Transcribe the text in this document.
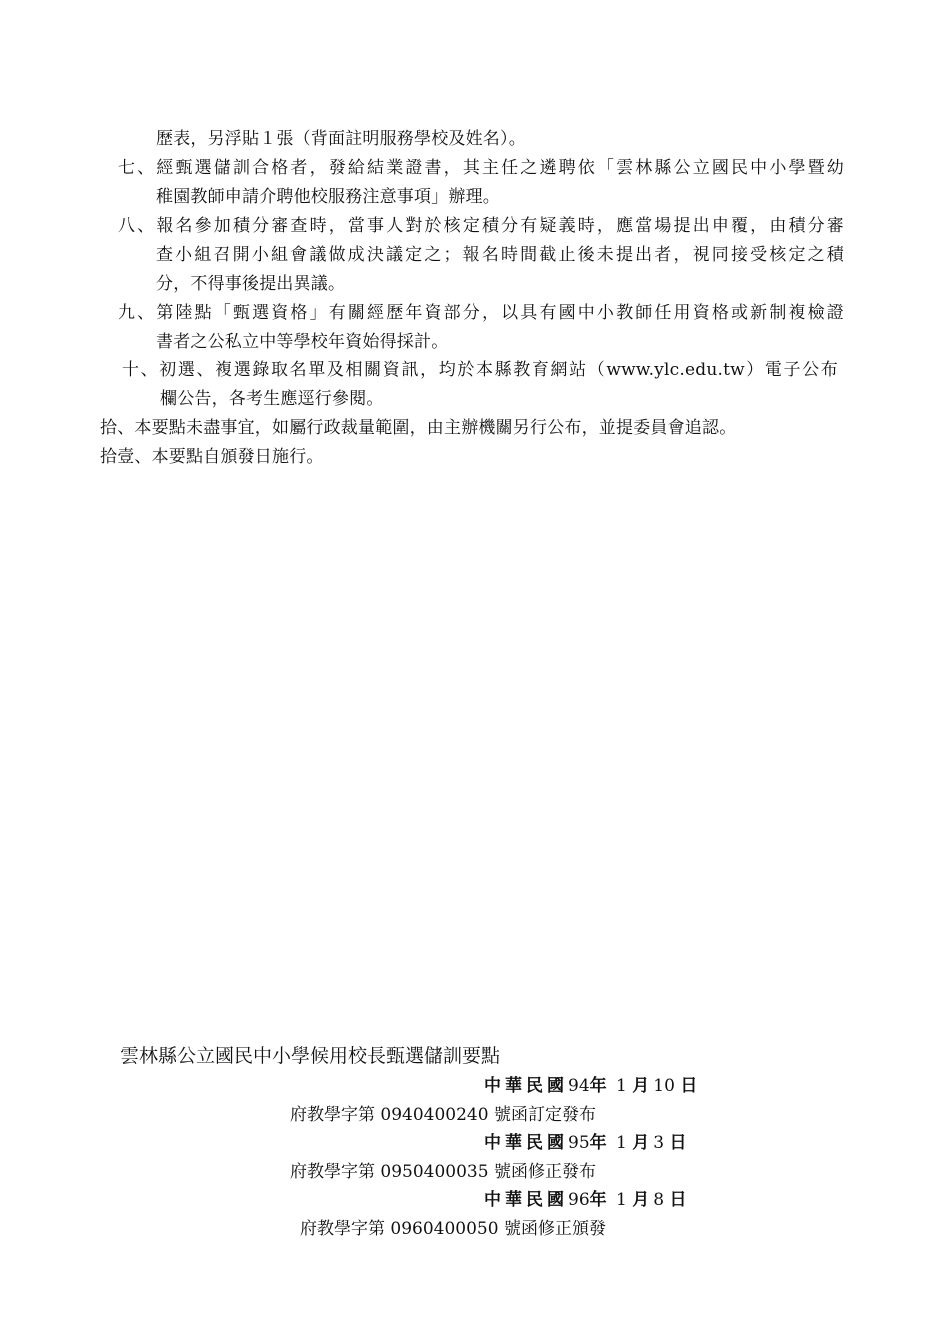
歷表，另浮貼１張（背面註明服務學校及姓名）。
七、經甄選儲訓合格者，發給結業證書，其主任之遴聘依「雲林縣公立國民中小學暨幼
稚園教師申請介聘他校服務注意事項」辦理。
八、報名參加積分審查時，當事人對於核定積分有疑義時，應當場提出申覆，由積分審
查小組召開小組會議做成決議定之；報名時間截止後未提出者，視同接受核定之積
分，不得事後提出異議。
九、第陸點「甄選資格」有關經歷年資部分，以具有國中小教師任用資格或新制複檢證
書者之公私立中等學校年資始得採計。
十、初選、複選錄取名單及相關資訊，均於本縣教育網站（www.ylc.edu.tw）電子公布
欄公告，各考生應逕行參閱。
拾、本要點未盡事宜，如屬行政裁量範圍，由主辦機關另行公布，並提委員會追認。
拾壹、本要點自頒發日施行。
雲林縣公立國民中小學候用校長甄選儲訓要點
中華民國94年 1 月10 日
府教學字第 0940400240 號函訂定發布
中華民國95年 1 月3 日
府教學字第 0950400035 號函修正發布
中華民國96年 1 月8 日
府教學字第 0960400050 號函修正頒發
